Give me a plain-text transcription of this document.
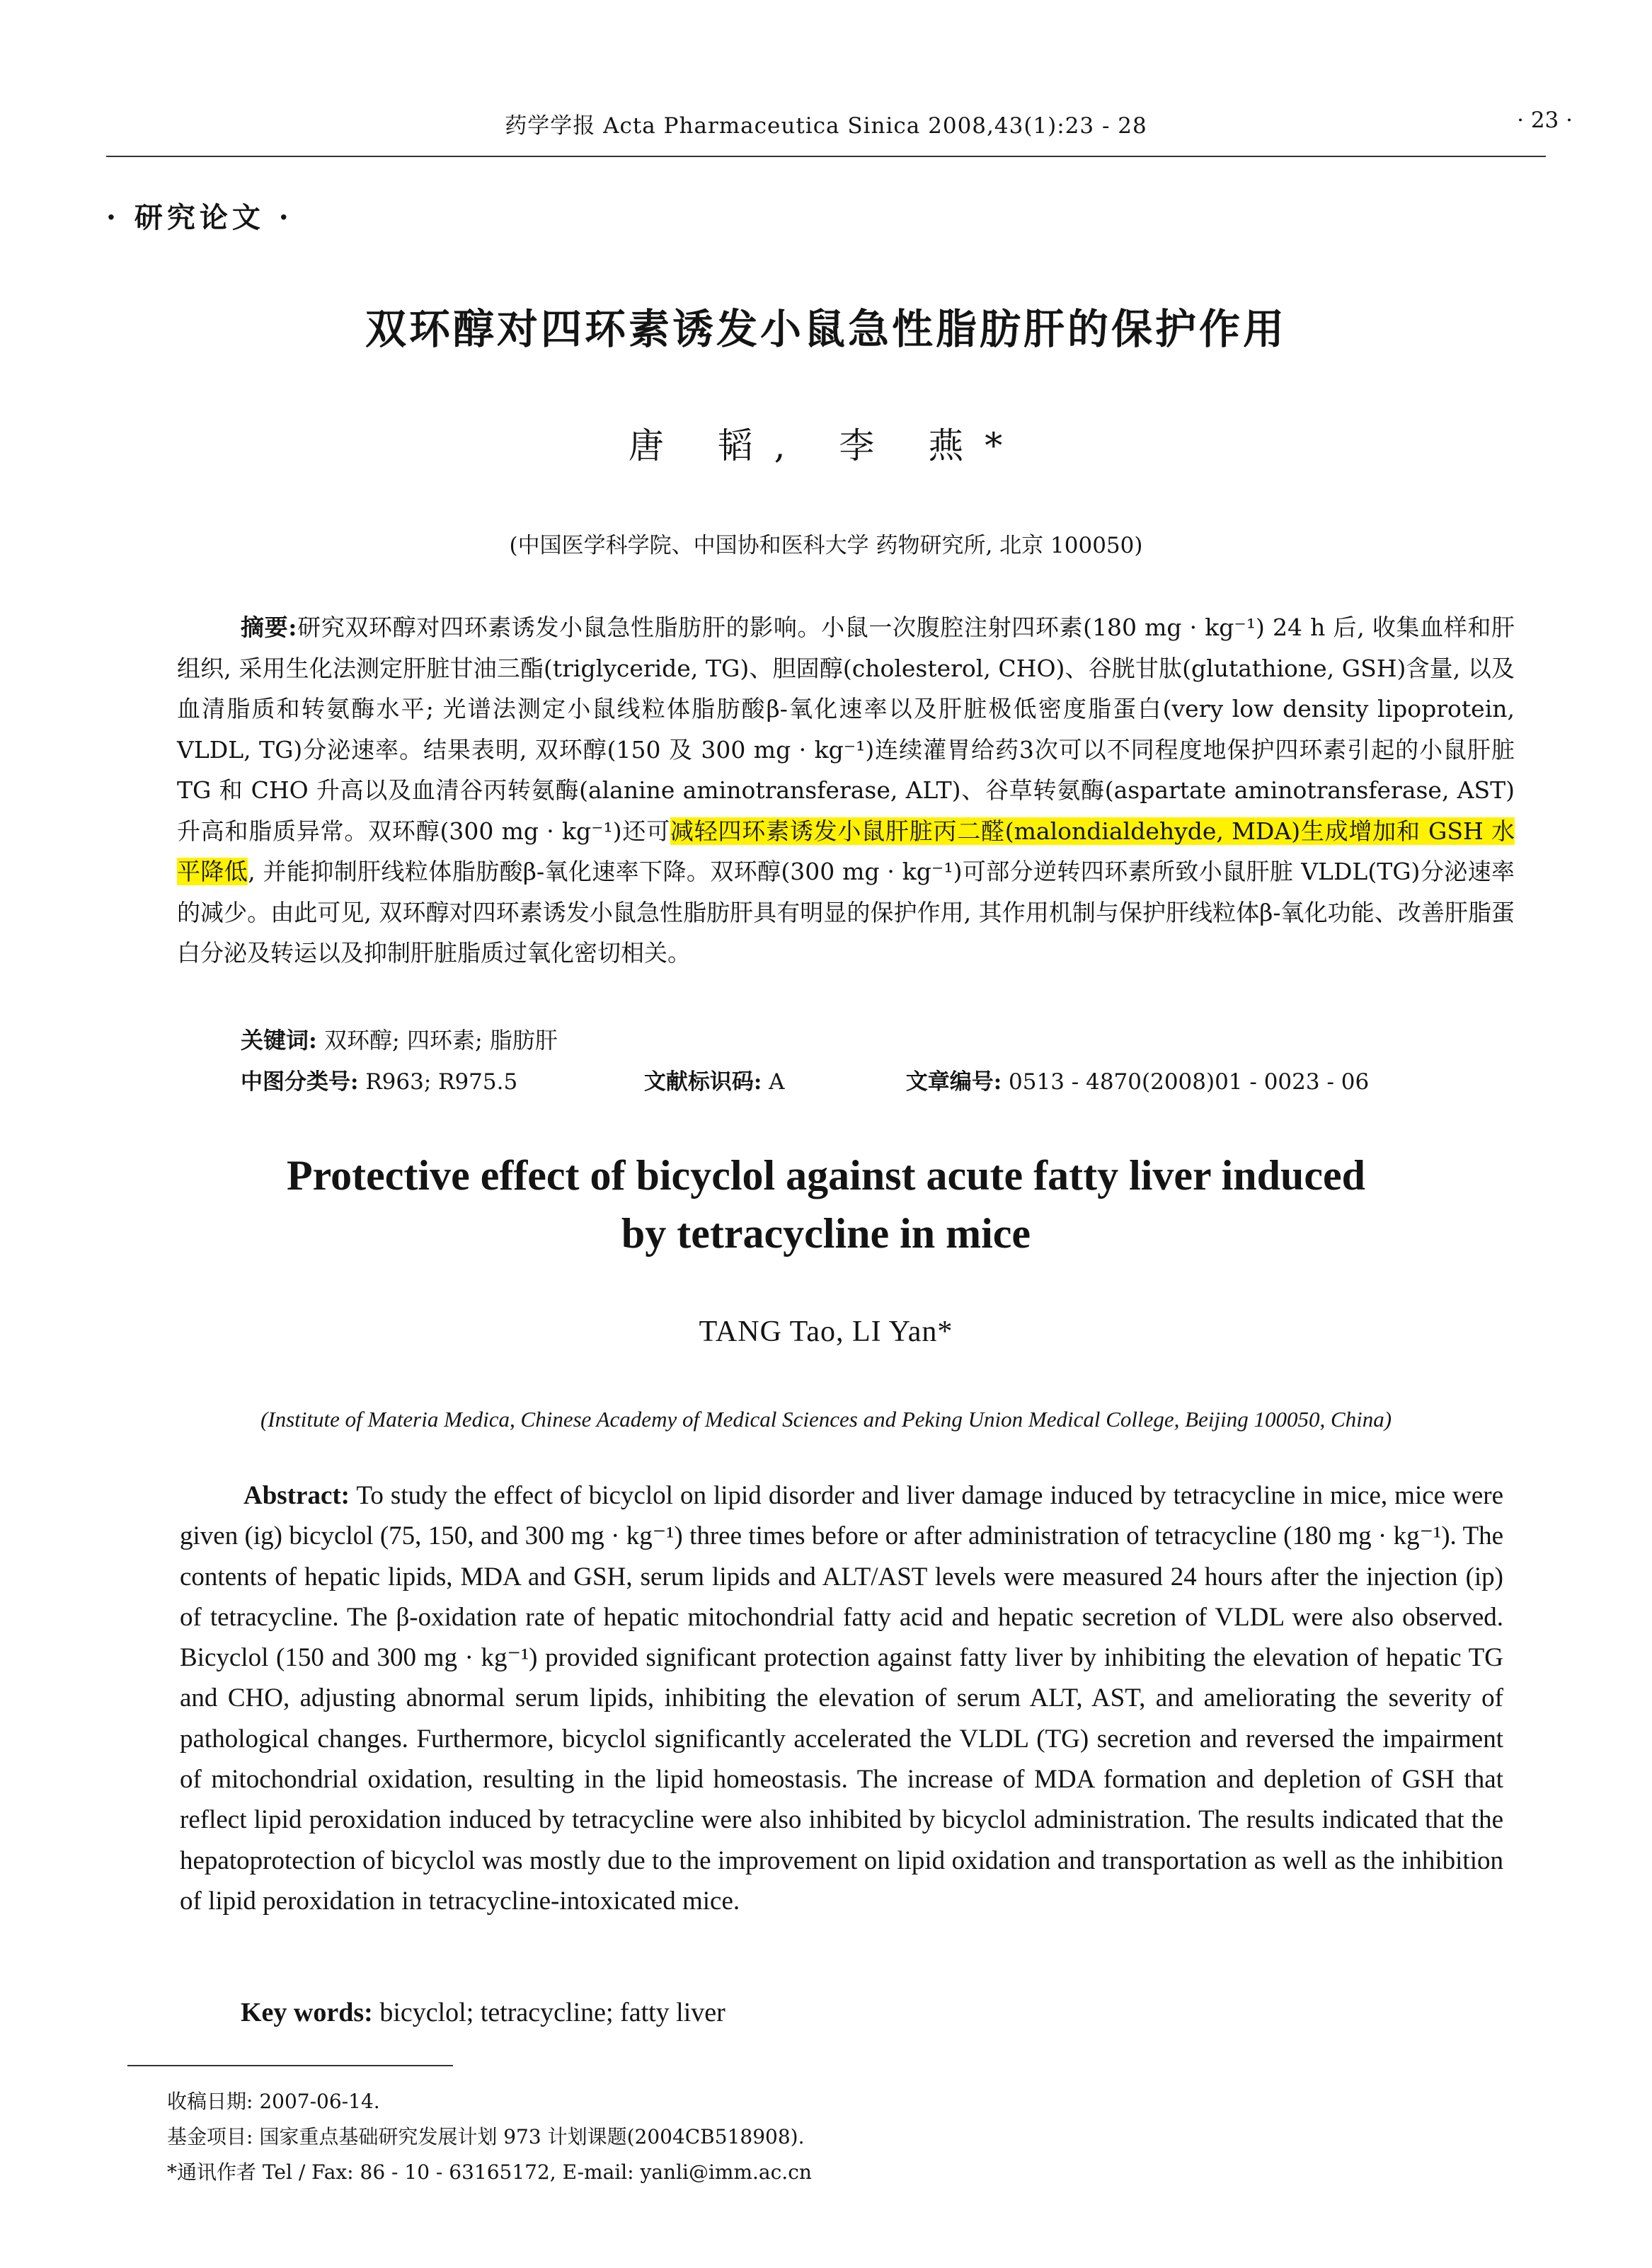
药学学报 Acta Pharmaceutica Sinica 2008,43(1):23 - 28	· 23 ·
· 研究论文 ·
双环醇对四环素诱发小鼠急性脂肪肝的保护作用
唐 韬, 李 燕*
(中国医学科学院、中国协和医科大学 药物研究所, 北京 100050)

摘要:研究双环醇对四环素诱发小鼠急性脂肪肝的影响。小鼠一次腹腔注射四环素(180 mg · kg⁻¹) 24 h 后, 收集血样和肝组织, 采用生化法测定肝脏甘油三酯(triglyceride, TG)、胆固醇(cholesterol, CHO)、谷胱甘肽(glutathione, GSH)含量, 以及血清脂质和转氨酶水平; 光谱法测定小鼠线粒体脂肪酸β-氧化速率以及肝脏极低密度脂蛋白(very low density lipoprotein, VLDL, TG)分泌速率。结果表明, 双环醇(150 及 300 mg · kg⁻¹)连续灌胃给药3次可以不同程度地保护四环素引起的小鼠肝脏 TG 和 CHO 升高以及血清谷丙转氨酶(alanine aminotransferase, ALT)、谷草转氨酶(aspartate aminotransferase, AST)升高和脂质异常。双环醇(300 mg · kg⁻¹)还可减轻四环素诱发小鼠肝脏丙二醛(malondialdehyde, MDA)生成增加和 GSH 水平降低, 并能抑制肝线粒体脂肪酸β-氧化速率下降。双环醇(300 mg · kg⁻¹)可部分逆转四环素所致小鼠肝脏 VLDL(TG)分泌速率的减少。由此可见, 双环醇对四环素诱发小鼠急性脂肪肝具有明显的保护作用, 其作用机制与保护肝线粒体β-氧化功能、改善肝脂蛋白分泌及转运以及抑制肝脏脂质过氧化密切相关。

关键词: 双环醇; 四环素; 脂肪肝
中图分类号: R963; R975.5	文献标识码: A	文章编号: 0513 - 4870(2008)01 - 0023 - 06
Protective effect of bicyclol against acute fatty liver induced
by tetracycline in mice
TANG Tao, LI Yan*
(Institute of Materia Medica, Chinese Academy of Medical Sciences and Peking Union Medical College, Beijing 100050, China)

Abstract: To study the effect of bicyclol on lipid disorder and liver damage induced by tetracycline in mice, mice were given (ig) bicyclol (75, 150, and 300 mg · kg⁻¹) three times before or after administration of tetracycline (180 mg · kg⁻¹). The contents of hepatic lipids, MDA and GSH, serum lipids and ALT/AST levels were measured 24 hours after the injection (ip) of tetracycline. The β-oxidation rate of hepatic mitochondrial fatty acid and hepatic secretion of VLDL were also observed. Bicyclol (150 and 300 mg · kg⁻¹) provided significant protection against fatty liver by inhibiting the elevation of hepatic TG and CHO, adjusting abnormal serum lipids, inhibiting the elevation of serum ALT, AST, and ameliorating the severity of pathological changes. Furthermore, bicyclol significantly accelerated the VLDL (TG) secretion and reversed the impairment of mitochondrial oxidation, resulting in the lipid homeostasis. The increase of MDA formation and depletion of GSH that reflect lipid peroxidation induced by tetracycline were also inhibited by bicyclol administration. The results indicated that the hepatoprotection of bicyclol was mostly due to the improvement on lipid oxidation and transportation as well as the inhibition of lipid peroxidation in tetracycline-intoxicated mice.

Key words: bicyclol; tetracycline; fatty liver
收稿日期: 2007-06-14.
基金项目: 国家重点基础研究发展计划 973 计划课题(2004CB518908).
*通讯作者 Tel / Fax: 86 - 10 - 63165172, E-mail: yanli@imm.ac.cn
